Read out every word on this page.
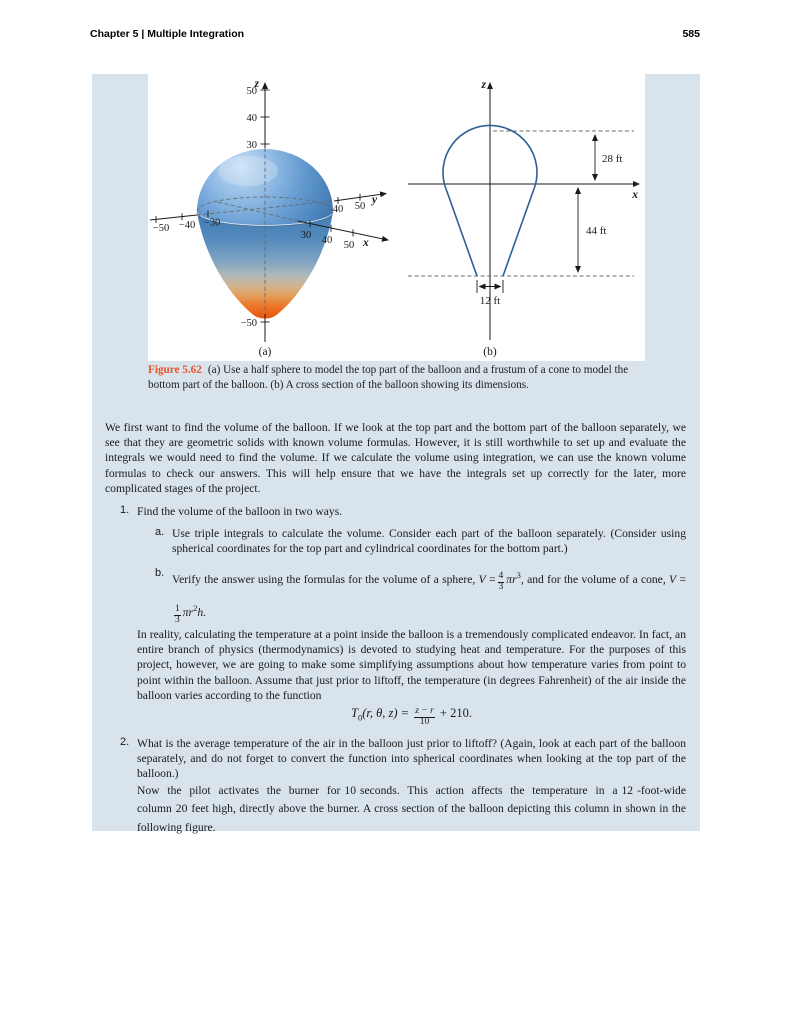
Chapter 5 | Multiple Integration	585
z
50
40
30
−50
−50 −40 −30
40 50
y
30 40 50 x
(a)
z
x
28 ft
44 ft
12 ft
(b)
Figure 5.62 (a) Use a half sphere to model the top part of the balloon and a frustum of a cone to model the bottom part of the balloon. (b) A cross section of the balloon showing its dimensions.
We first want to find the volume of the balloon. If we look at the top part and the bottom part of the balloon separately, we see that they are geometric solids with known volume formulas. However, it is still worthwhile to set up and evaluate the integrals we would need to find the volume. If we calculate the volume using integration, we can use the known volume formulas to check our answers. This will help ensure that we have the integrals set up correctly for the later, more complicated stages of the project.
1. Find the volume of the balloon in two ways.
a. Use triple integrals to calculate the volume. Consider each part of the balloon separately. (Consider using spherical coordinates for the top part and cylindrical coordinates for the bottom part.)
b. Verify the answer using the formulas for the volume of a sphere, $V = \frac{4}{3} \pi r^3$, and for the volume of a cone, V =
$\frac{1}{3} \pi r^2h$.
In reality, calculating the temperature at a point inside the balloon is a tremendously complicated endeavor. In fact, an entire branch of physics (thermodynamics) is devoted to studying heat and temperature. For the purposes of this project, however, we are going to make some simplifying assumptions about how temperature varies from point to point within the balloon. Assume that just prior to liftoff, the temperature (in degrees Fahrenheit) of the air inside the balloon varies according to the function
$T_0(r$, θ, $z) = \frac{z - r}{10} + 210$.
2. What is the average temperature of the air in the balloon just prior to liftoff? (Again, look at each part of the balloon separately, and do not forget to convert the function into spherical coordinates when looking at the top part of the balloon.)
Now the pilot activates the burner for 10 seconds. This action affects the temperature in a 12 -foot-wide column 20 feet high, directly above the burner. A cross section of the balloon depicting this column in shown in the following figure.
